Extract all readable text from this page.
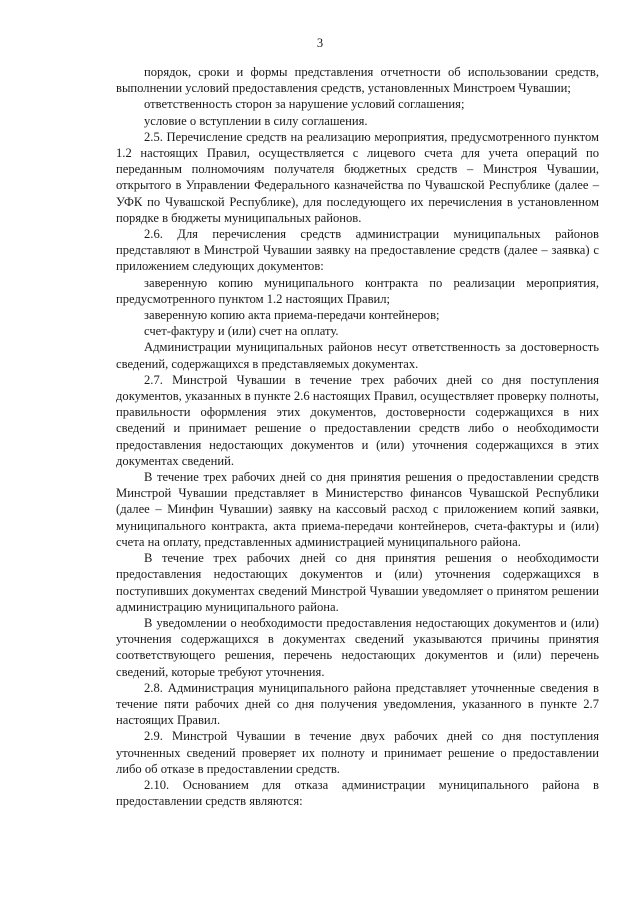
3

порядок, сроки и формы представления отчетности об использовании средств, выполнении условий предоставления средств, установленных Минстроем Чувашии;

ответственность сторон за нарушение условий соглашения;

условие о вступлении в силу соглашения.

2.5. Перечисление средств на реализацию мероприятия, предусмотренного пунктом 1.2 настоящих Правил, осуществляется с лицевого счета для учета операций по переданным полномочиям получателя бюджетных средств – Минстроя Чувашии, открытого в Управлении Федерального казначейства по Чувашской Республике (далее – УФК по Чувашской Республике), для последующего их перечисления в установленном порядке в бюджеты муниципальных районов.

2.6. Для перечисления средств администрации муниципальных районов представляют в Минстрой Чувашии заявку на предоставление средств (далее – заявка) с приложением следующих документов:

заверенную копию муниципального контракта по реализации мероприятия, предусмотренного пунктом 1.2 настоящих Правил;

заверенную копию акта приема-передачи контейнеров;

счет-фактуру и (или) счет на оплату.

Администрации муниципальных районов несут ответственность за достоверность сведений, содержащихся в представляемых документах.

2.7. Минстрой Чувашии в течение трех рабочих дней со дня поступления документов, указанных в пункте 2.6 настоящих Правил, осуществляет проверку полноты, правильности оформления этих документов, достоверности содержащихся в них сведений и принимает решение о предоставлении средств либо о необходимости предоставления недостающих документов и (или) уточнения содержащихся в этих документах сведений.

В течение трех рабочих дней со дня принятия решения о предоставлении средств Минстрой Чувашии представляет в Министерство финансов Чувашской Республики (далее – Минфин Чувашии) заявку на кассовый расход с приложением копий заявки, муниципального контракта, акта приема-передачи контейнеров, счета-фактуры и (или) счета на оплату, представленных администрацией муниципального района.

В течение трех рабочих дней со дня принятия решения о необходимости предоставления недостающих документов и (или) уточнения содержащихся в поступивших документах сведений Минстрой Чувашии уведомляет о принятом решении администрацию муниципального района.

В уведомлении о необходимости предоставления недостающих документов и (или) уточнения содержащихся в документах сведений указываются причины принятия соответствующего решения, перечень недостающих документов и (или) перечень сведений, которые требуют уточнения.

2.8. Администрация муниципального района представляет уточненные сведения в течение пяти рабочих дней со дня получения уведомления, указанного в пункте 2.7 настоящих Правил.

2.9. Минстрой Чувашии в течение двух рабочих дней со дня поступления уточненных сведений проверяет их полноту и принимает решение о предоставлении либо об отказе в предоставлении средств.

2.10. Основанием для отказа администрации муниципального района в предоставлении средств являются:
